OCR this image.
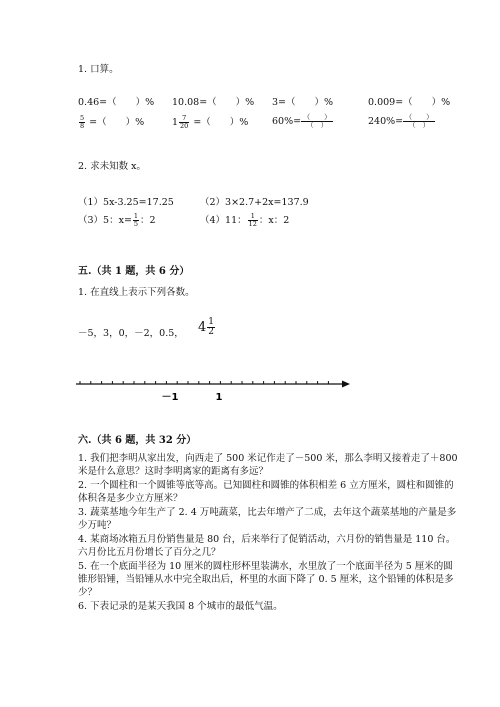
1. 口算。
0.46=（　　）% 10.08=（　　）% 3=（　　）%	0.009=（　　）%
$\frac{5}{8}$ =（　　）%	$1 \frac{7}{20}$ =（　　）% $60\%= \frac{( )}{( )}$	$240\%= \frac{( )}{( )}$
2. 求未知数 x。
（1）5x-3.25=17.25	（2）3×2.7+2x=137.9
（3）5：$x= \frac{1}{5}$ ：2	（4）11： $\frac{1}{12}$ ：x：2
五.（共 1 题，共 6 分）
1. 在直线上表示下列各数。
－5，3，0，－2，0.5， $4 \frac{1}{2}$
－1	1
六.（共 6 题，共 32 分）
1. 我们把李明从家出发，向西走了 500 米记作走了－500 米，那么李明又接着走了＋800 米是什么意思？这时李明离家的距离有多远？
2. 一个圆柱和一个圆锥等底等高。已知圆柱和圆锥的体积相差 6 立方厘米，圆柱和圆锥的体积各是多少立方厘米？
3. 蔬菜基地今年生产了 2. 4 万吨蔬菜，比去年增产了二成，去年这个蔬菜基地的产量是多少万吨？
4. 某商场冰箱五月份销售量是 80 台，后来举行了促销活动，六月份的销售量是 110 台。六月份比五月份增长了百分之几？
5. 在一个底面半径为 10 厘米的圆柱形杯里装满水，水里放了一个底面半径为 5 厘米的圆锥形铅锤，当铅锤从水中完全取出后，杯里的水面下降了 0. 5 厘米，这个铅锤的体积是多少？
6. 下表记录的是某天我国 8 个城市的最低气温。
